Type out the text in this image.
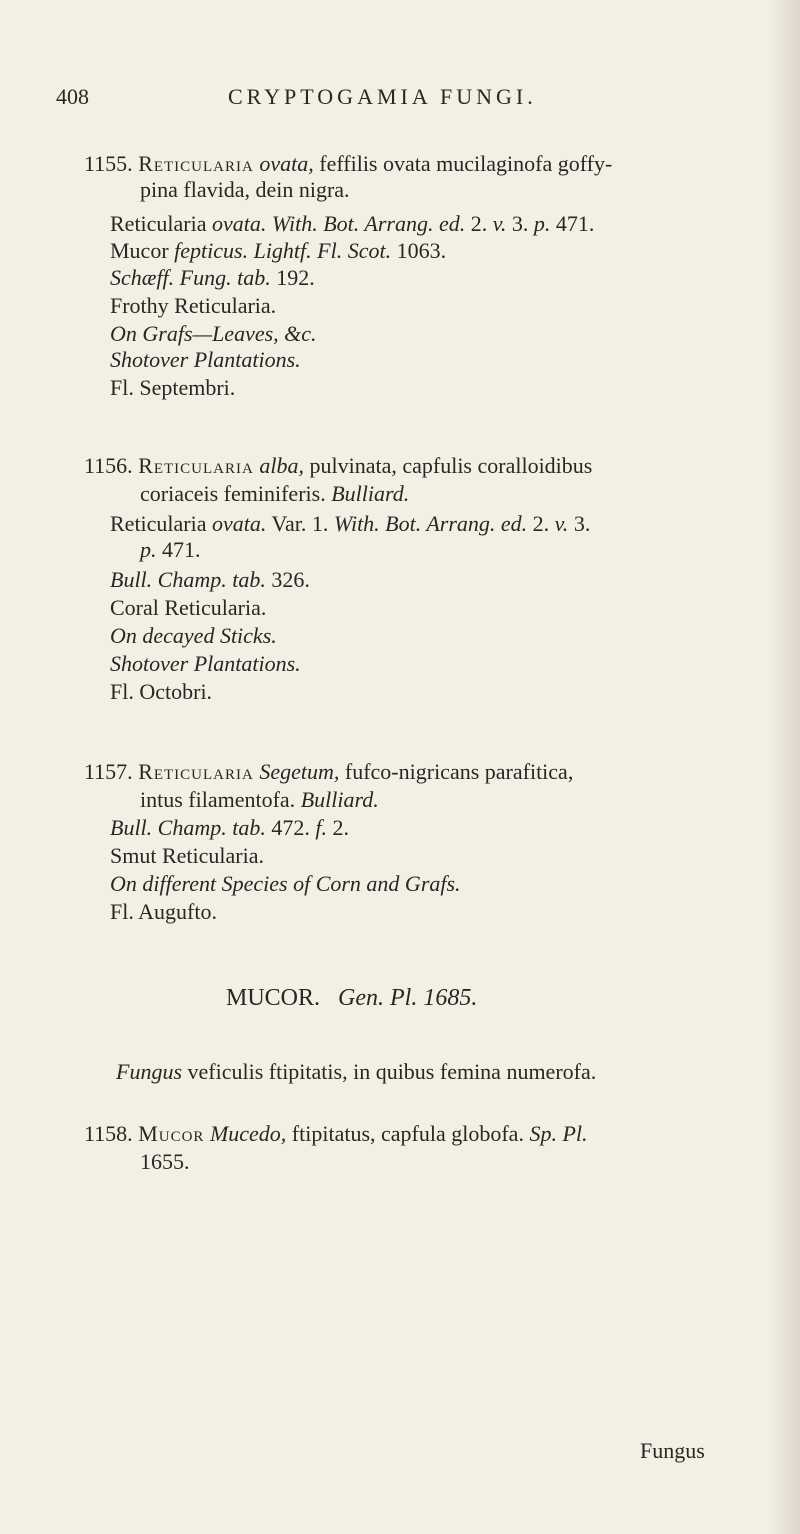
408	CRYPTOGAMIA FUNGI.
1155. Reticularia ovata, feffilis ovata mucilaginofa goffy-
pina flavida, dein nigra.
Reticularia ovata. With. Bot. Arrang. ed. 2. v. 3. p. 471.
Mucor fepticus. Lightf. Fl. Scot. 1063.
Schæff. Fung. tab. 192.
Frothy Reticularia.
On Grafs—Leaves, &c.
Shotover Plantations.
Fl. Septembri.
1156. Reticularia alba, pulvinata, capfulis coralloidibus
coriaceis feminiferis. Bulliard.
Reticularia ovata. Var. 1. With. Bot. Arrang. ed. 2. v. 3.
p. 471.
Bull. Champ. tab. 326.
Coral Reticularia.
On decayed Sticks.
Shotover Plantations.
Fl. Octobri.
1157. Reticularia Segetum, fufco-nigricans parafitica,
intus filamentofa. Bulliard.
Bull. Champ. tab. 472. f. 2.
Smut Reticularia.
On different Species of Corn and Grafs.
Fl. Augufto.
MUCOR. Gen. Pl. 1685.
Fungus veficulis ftipitatis, in quibus femina numerofa.
1158. Mucor Mucedo, ftipitatus, capfula globofa. Sp. Pl.
1655.
Fungus
